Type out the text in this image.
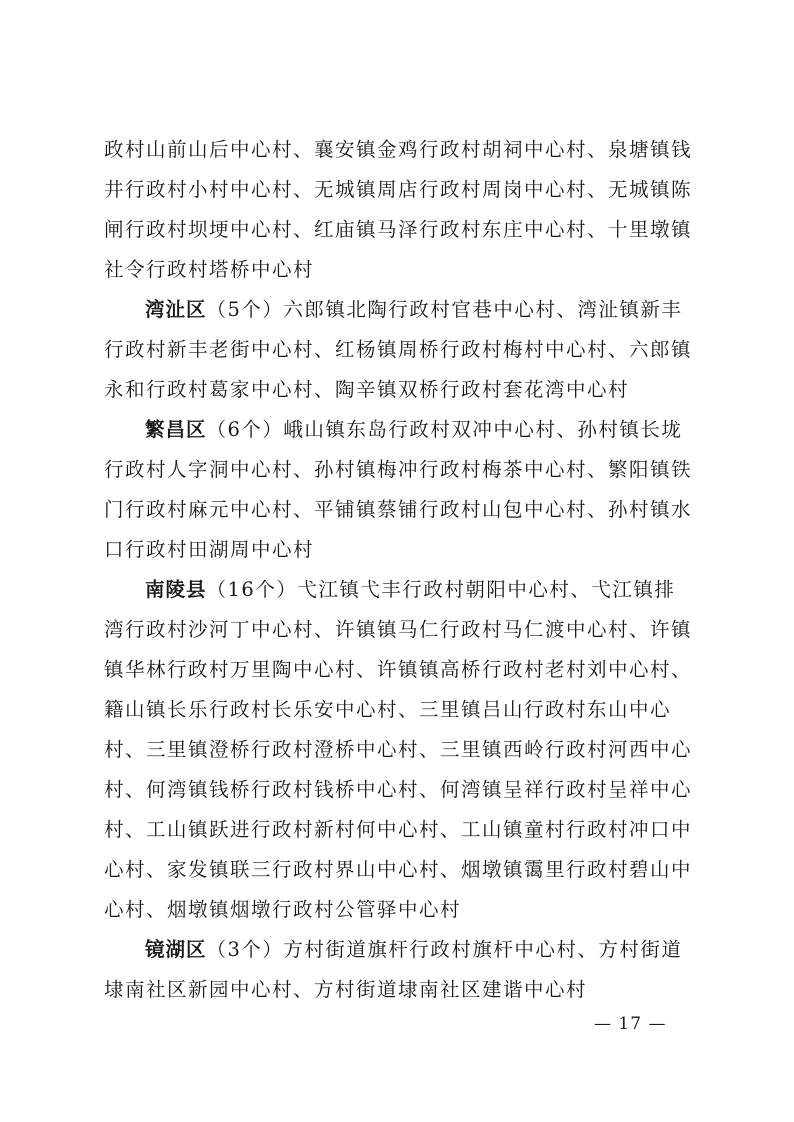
政村山前山后中心村、襄安镇金鸡行政村胡祠中心村、泉塘镇钱
井行政村小村中心村、无城镇周店行政村周岗中心村、无城镇陈
闸行政村坝埂中心村、红庙镇马泽行政村东庄中心村、十里墩镇
社令行政村塔桥中心村
湾沚区（5个）六郎镇北陶行政村官巷中心村、湾沚镇新丰
行政村新丰老街中心村、红杨镇周桥行政村梅村中心村、六郎镇
永和行政村葛家中心村、陶辛镇双桥行政村套花湾中心村
繁昌区（6个）峨山镇东岛行政村双冲中心村、孙村镇长垅
行政村人字洞中心村、孙村镇梅冲行政村梅茶中心村、繁阳镇铁
门行政村麻元中心村、平铺镇蔡铺行政村山包中心村、孙村镇水
口行政村田湖周中心村
南陵县（16个）弋江镇弋丰行政村朝阳中心村、弋江镇排
湾行政村沙河丁中心村、许镇镇马仁行政村马仁渡中心村、许镇
镇华林行政村万里陶中心村、许镇镇高桥行政村老村刘中心村、
籍山镇长乐行政村长乐安中心村、三里镇吕山行政村东山中心
村、三里镇澄桥行政村澄桥中心村、三里镇西岭行政村河西中心
村、何湾镇钱桥行政村钱桥中心村、何湾镇呈祥行政村呈祥中心
村、工山镇跃进行政村新村何中心村、工山镇童村行政村冲口中
心村、家发镇联三行政村界山中心村、烟墩镇霭里行政村碧山中
心村、烟墩镇烟墩行政村公管驿中心村
镜湖区（3个）方村街道旗杆行政村旗杆中心村、方村街道
埭南社区新园中心村、方村街道埭南社区建谐中心村
— 17 —
